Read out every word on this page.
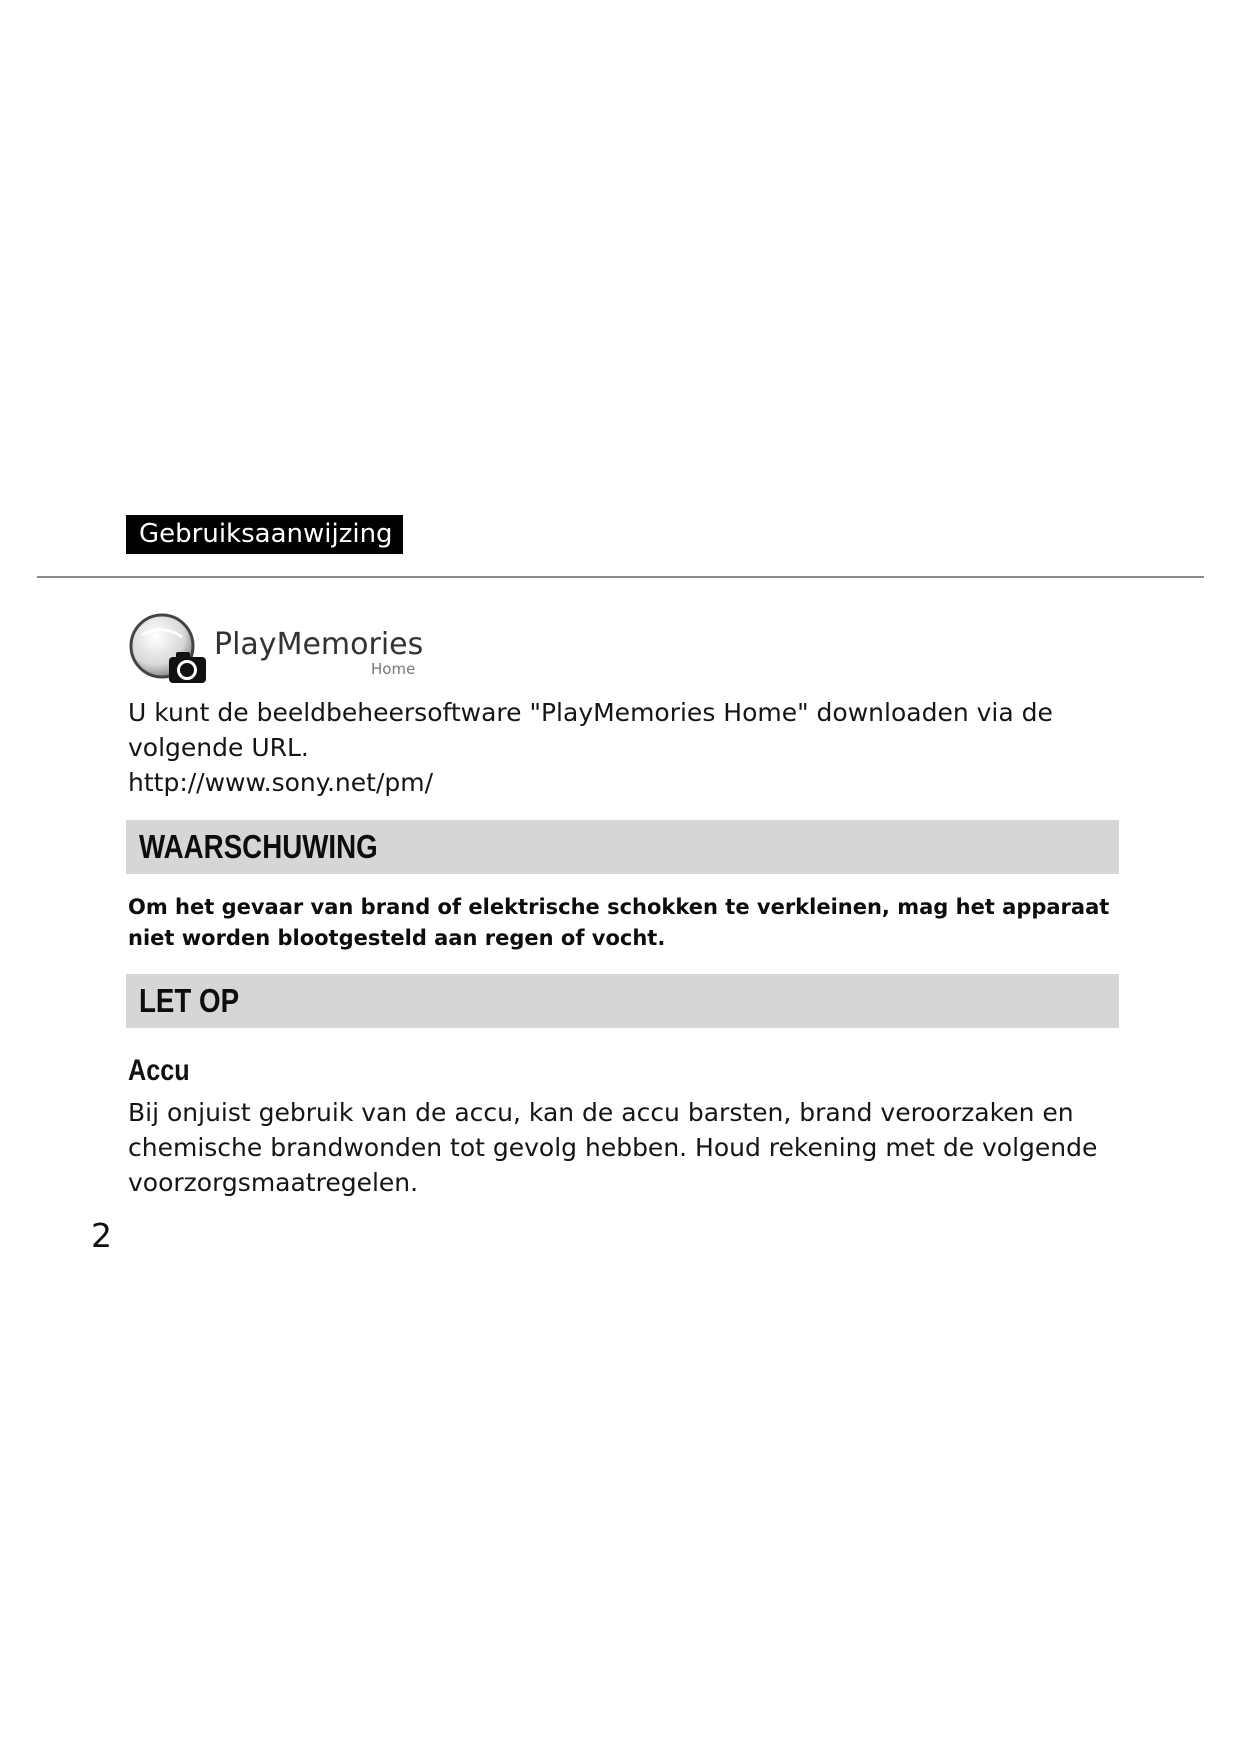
Gebruiksaanwijzing
PlayMemories
Home
U kunt de beeldbeheersoftware "PlayMemories Home" downloaden via de volgende URL.
http://www.sony.net/pm/
WAARSCHUWING
Om het gevaar van brand of elektrische schokken te verkleinen, mag het apparaat niet worden blootgesteld aan regen of vocht.
LET OP
Accu
Bij onjuist gebruik van de accu, kan de accu barsten, brand veroorzaken en chemische brandwonden tot gevolg hebben. Houd rekening met de volgende voorzorgsmaatregelen.
2
